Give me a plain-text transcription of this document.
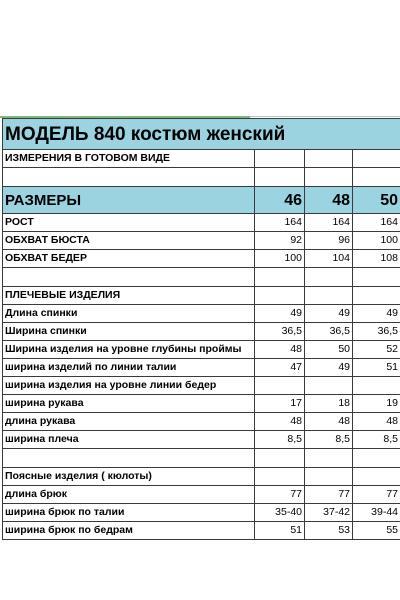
МОДЕЛЬ 840 костюм женский			
ИЗМЕРЕНИЯ В ГОТОВОМ ВИДЕ			

РАЗМЕРЫ	46	48	50
РОСТ	164	164	164
ОБХВАТ БЮСТА	92	96	100
ОБХВАТ БЕДЕР	100	104	108

ПЛЕЧЕВЫЕ ИЗДЕЛИЯ			
Длина спинки	49	49	49
Ширина спинки	36,5	36,5	36,5
Ширина изделия на уровне глубины проймы	48	50	52
ширина изделий по линии талии	47	49	51
ширина изделия на уровне линии бедер			
ширина рукава	17	18	19
длина рукава	48	48	48
ширина плеча	8,5	8,5	8,5

Поясные изделия ( кюлоты)			
длина брюк	77	77	77
ширина брюк по талии	35-40	37-42	39-44
ширина брюк по бедрам	51	53	55
